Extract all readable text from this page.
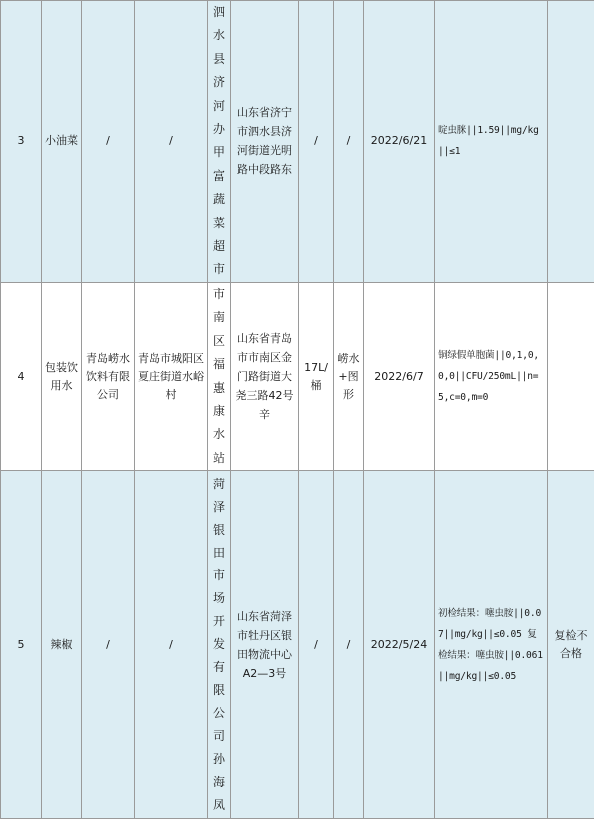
3	小油菜	/	/	泗水县济河办甲富蔬菜超市	山东省济宁市泗水县济河街道光明路中段路东	/	/	2022/6/21	啶虫脒||1.59||mg/kg||≤1	
4	包装饮用水	青岛崂水饮料有限公司	青岛市城阳区夏庄街道水峪村	市南区福惠康水站	山东省青岛市市南区金门路街道大尧三路42号辛	17L/桶	崂水+图形	2022/6/7	铜绿假单胞菌||0,1,0,0,0||CFU/250mL||n=5,c=0,m=0	
5	辣椒	/	/	菏泽银田市场开发有限公司孙海凤	山东省菏泽市牡丹区银田物流中心A2—3号	/	/	2022/5/24	初检结果：噻虫胺||0.07||mg/kg||≤0.05 复检结果：噻虫胺||0.061||mg/kg||≤0.05	复检不合格
